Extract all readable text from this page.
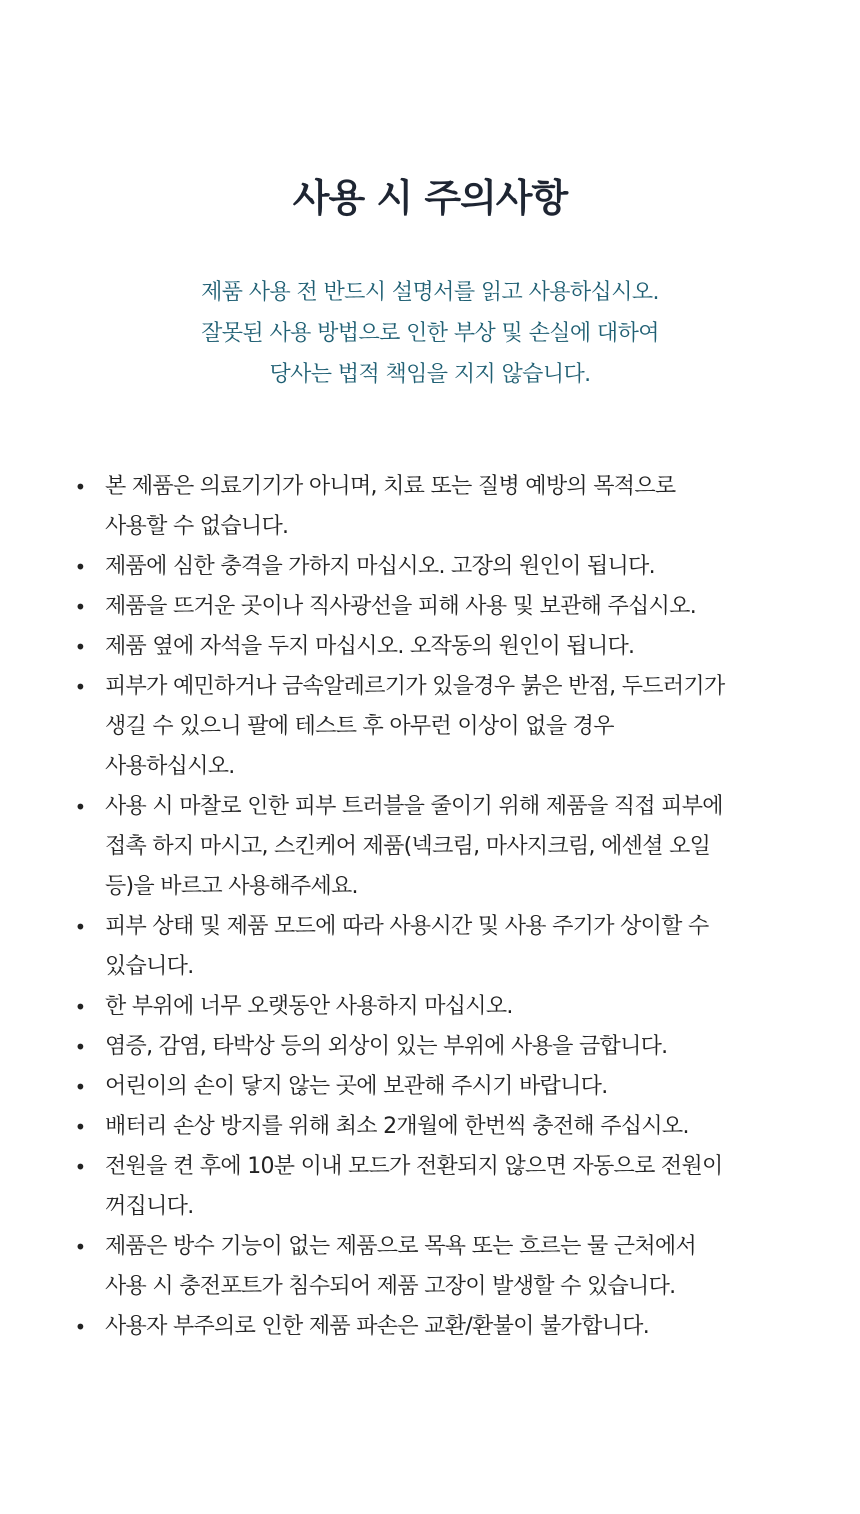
사용 시 주의사항
제품 사용 전 반드시 설명서를 읽고 사용하십시오.
잘못된 사용 방법으로 인한 부상 및 손실에 대하여
당사는 법적 책임을 지지 않습니다.
• 본 제품은 의료기기가 아니며, 치료 또는 질병 예방의 목적으로
사용할 수 없습니다.
• 제품에 심한 충격을 가하지 마십시오. 고장의 원인이 됩니다.
• 제품을 뜨거운 곳이나 직사광선을 피해 사용 및 보관해 주십시오.
• 제품 옆에 자석을 두지 마십시오. 오작동의 원인이 됩니다.
• 피부가 예민하거나 금속알레르기가 있을경우 붉은 반점, 두드러기가
생길 수 있으니 팔에 테스트 후 아무런 이상이 없을 경우
사용하십시오.
• 사용 시 마찰로 인한 피부 트러블을 줄이기 위해 제품을 직접 피부에
접촉 하지 마시고, 스킨케어 제품(넥크림, 마사지크림, 에센셜 오일
등)을 바르고 사용해주세요.
• 피부 상태 및 제품 모드에 따라 사용시간 및 사용 주기가 상이할 수
있습니다.
• 한 부위에 너무 오랫동안 사용하지 마십시오.
• 염증, 감염, 타박상 등의 외상이 있는 부위에 사용을 금합니다.
• 어린이의 손이 닿지 않는 곳에 보관해 주시기 바랍니다.
• 배터리 손상 방지를 위해 최소 2개월에 한번씩 충전해 주십시오.
• 전원을 켠 후에 10분 이내 모드가 전환되지 않으면 자동으로 전원이
꺼집니다.
• 제품은 방수 기능이 없는 제품으로 목욕 또는 흐르는 물 근처에서
사용 시 충전포트가 침수되어 제품 고장이 발생할 수 있습니다.
• 사용자 부주의로 인한 제품 파손은 교환/환불이 불가합니다.
